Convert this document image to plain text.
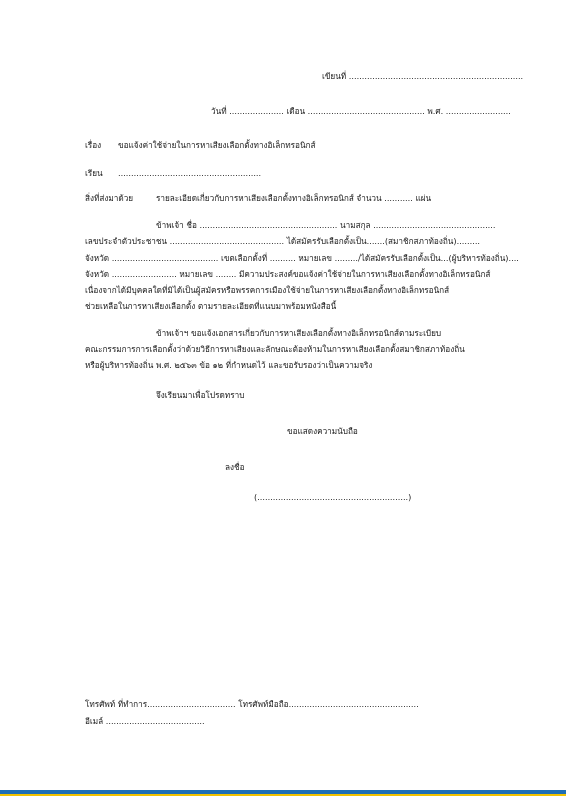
เขียนที่ ...................................................................
วันที่ ..................... เดือน ............................................. พ.ศ. .........................
เรื่อง ขอแจ้งค่าใช้จ่ายในการหาเสียงเลือกตั้งทางอิเล็กทรอนิกส์
เรียน .......................................................
สิ่งที่ส่งมาด้วย	รายละเอียดเกี่ยวกับการหาเสียงเลือกตั้งทางอิเล็กทรอนิกส์ จำนวน ........... แผ่น
ข้าพเจ้า ชื่อ ..................................................... นามสกุล ...............................................
เลขประจำตัวประชาชน ............................................ ได้สมัครรับเลือกตั้งเป็น.......(สมาชิกสภาท้องถิ่น).........
จังหวัด ......................................... เขตเลือกตั้งที่ .......... หมายเลข ........./ได้สมัครรับเลือกตั้งเป็น...(ผู้บริหารท้องถิ่น)....
จังหวัด ......................... หมายเลข ........ มีความประสงค์ขอแจ้งค่าใช้จ่ายในการหาเสียงเลือกตั้งทางอิเล็กทรอนิกส์
เนื่องจากได้มีบุคคลใดที่มิได้เป็นผู้สมัครหรือพรรคการเมืองใช้จ่ายในการหาเสียงเลือกตั้งทางอิเล็กทรอนิกส์
ช่วยเหลือในการหาเสียงเลือกตั้ง ตามรายละเอียดที่แนบมาพร้อมหนังสือนี้
ข้าพเจ้าฯ ขอแจ้งเอกสารเกี่ยวกับการหาเสียงเลือกตั้งทางอิเล็กทรอนิกส์ตามระเบียบ
คณะกรรมการการเลือกตั้งว่าด้วยวิธีการหาเสียงและลักษณะต้องห้ามในการหาเสียงเลือกตั้งสมาชิกสภาท้องถิ่น
หรือผู้บริหารท้องถิ่น พ.ศ. ๒๕๖๓ ข้อ ๑๒ ที่กำหนดไว้ และขอรับรองว่าเป็นความจริง
จึงเรียนมาเพื่อโปรดทราบ
ขอแสดงความนับถือ
ลงชื่อ
(..........................................................)
โทรศัพท์ ที่ทำการ.................................. โทรศัพท์มือถือ..................................................
อีเมล์ ......................................
